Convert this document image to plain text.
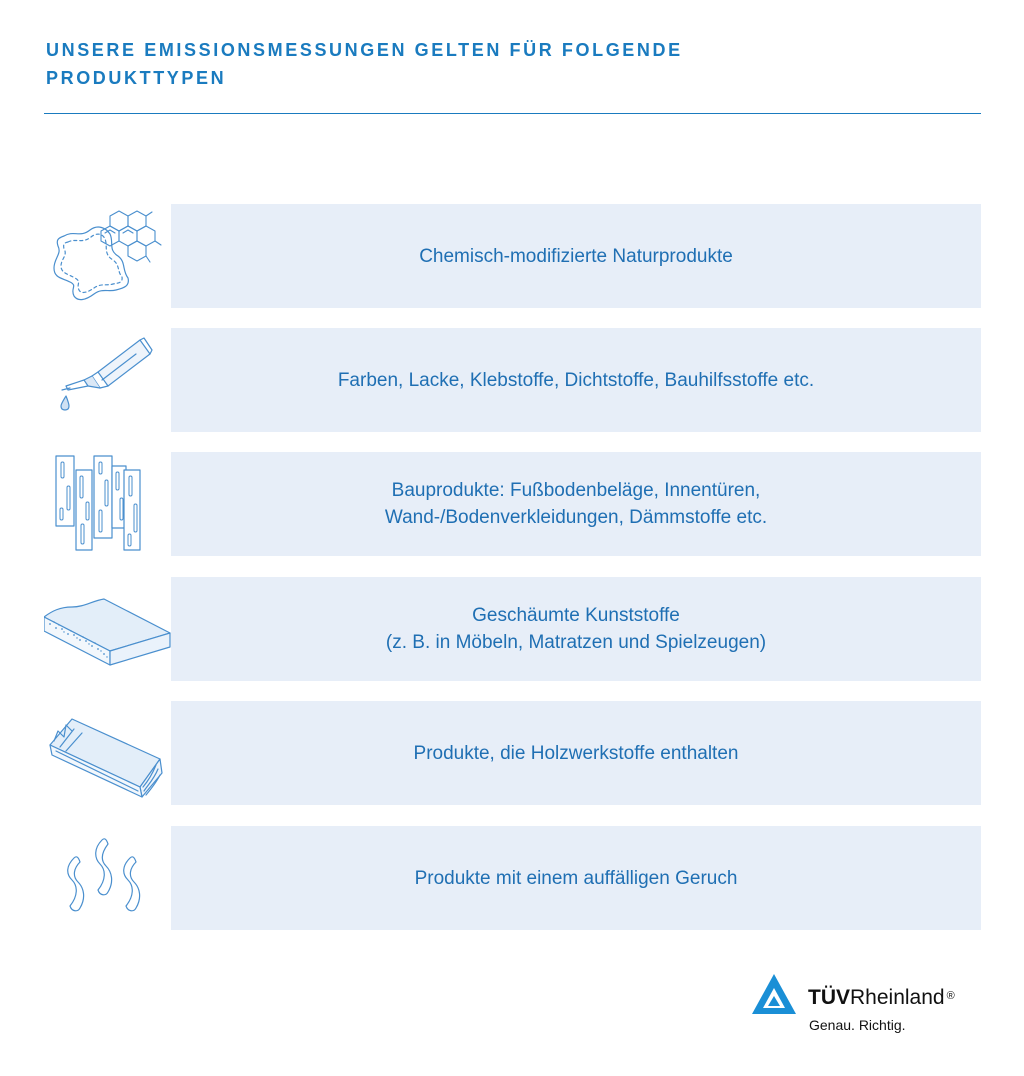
UNSERE EMISSIONSMESSUNGEN GELTEN FÜR FOLGENDE
PRODUKTTYPEN
Chemisch-modifizierte Naturprodukte
Farben, Lacke, Klebstoffe, Dichtstoffe, Bauhilfsstoffe etc.
Bauprodukte: Fußbodenbeläge, Innentüren,
Wand-/Bodenverkleidungen, Dämmstoffe etc.
Geschäumte Kunststoffe
(z. B. in Möbeln, Matratzen und Spielzeugen)
Produkte, die Holzwerkstoffe enthalten
Produkte mit einem auffälligen Geruch
TÜVRheinland ®
Genau. Richtig.
